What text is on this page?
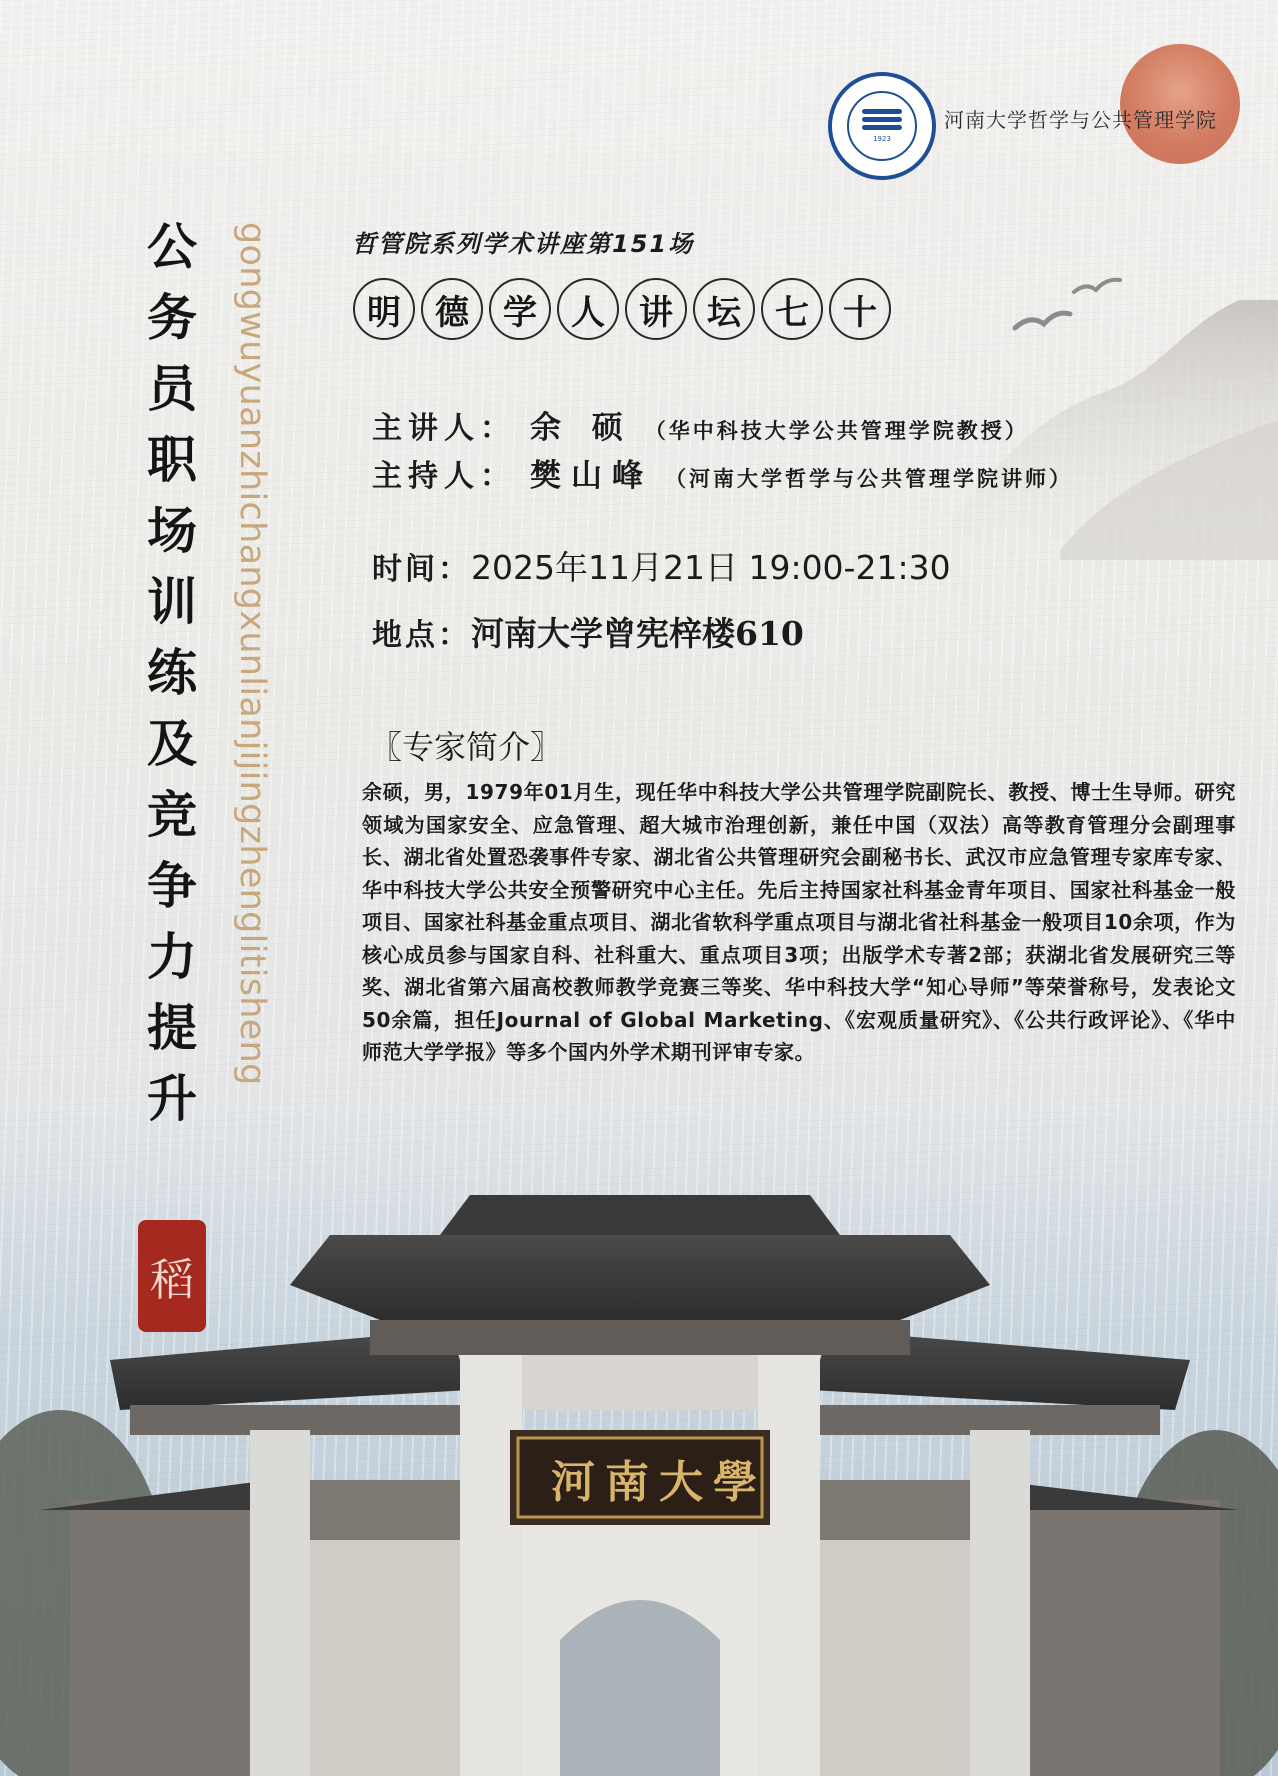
1923
河南大学哲学与公共管理学院
公务员职场训练及竞争力提升
gongwuyuanzhichangxunlianjijingzhenglitisheng
稻
哲管院系列学术讲座第151场
明	德	学	人	讲	坛	七	十
主讲人： 余 硕 （华中科技大学公共管理学院教授）
主持人： 樊山峰 （河南大学哲学与公共管理学院讲师）
时间：2025年11月21日 19:00-21:30
地点：河南大学曾宪梓楼610
〖专家简介〗
余硕，男，1979年01月生，现任华中科技大学公共管理学院副院长、教授、博士生导师。研究领域为国家安全、应急管理、超大城市治理创新，兼任中国（双法）高等教育管理分会副理事长、湖北省处置恐袭事件专家、湖北省公共管理研究会副秘书长、武汉市应急管理专家库专家、华中科技大学公共安全预警研究中心主任。先后主持国家社科基金青年项目、国家社科基金一般项目、国家社科基金重点项目、湖北省软科学重点项目与湖北省社科基金一般项目10余项，作为核心成员参与国家自科、社科重大、重点项目3项；出版学术专著2部；获湖北省发展研究三等奖、湖北省第六届高校教师教学竞赛三等奖、华中科技大学“知心导师”等荣誉称号，发表论文50余篇，担任Journal of Global Marketing、《宏观质量研究》、《公共行政评论》、《华中师范大学学报》等多个国内外学术期刊评审专家。
河南大學
